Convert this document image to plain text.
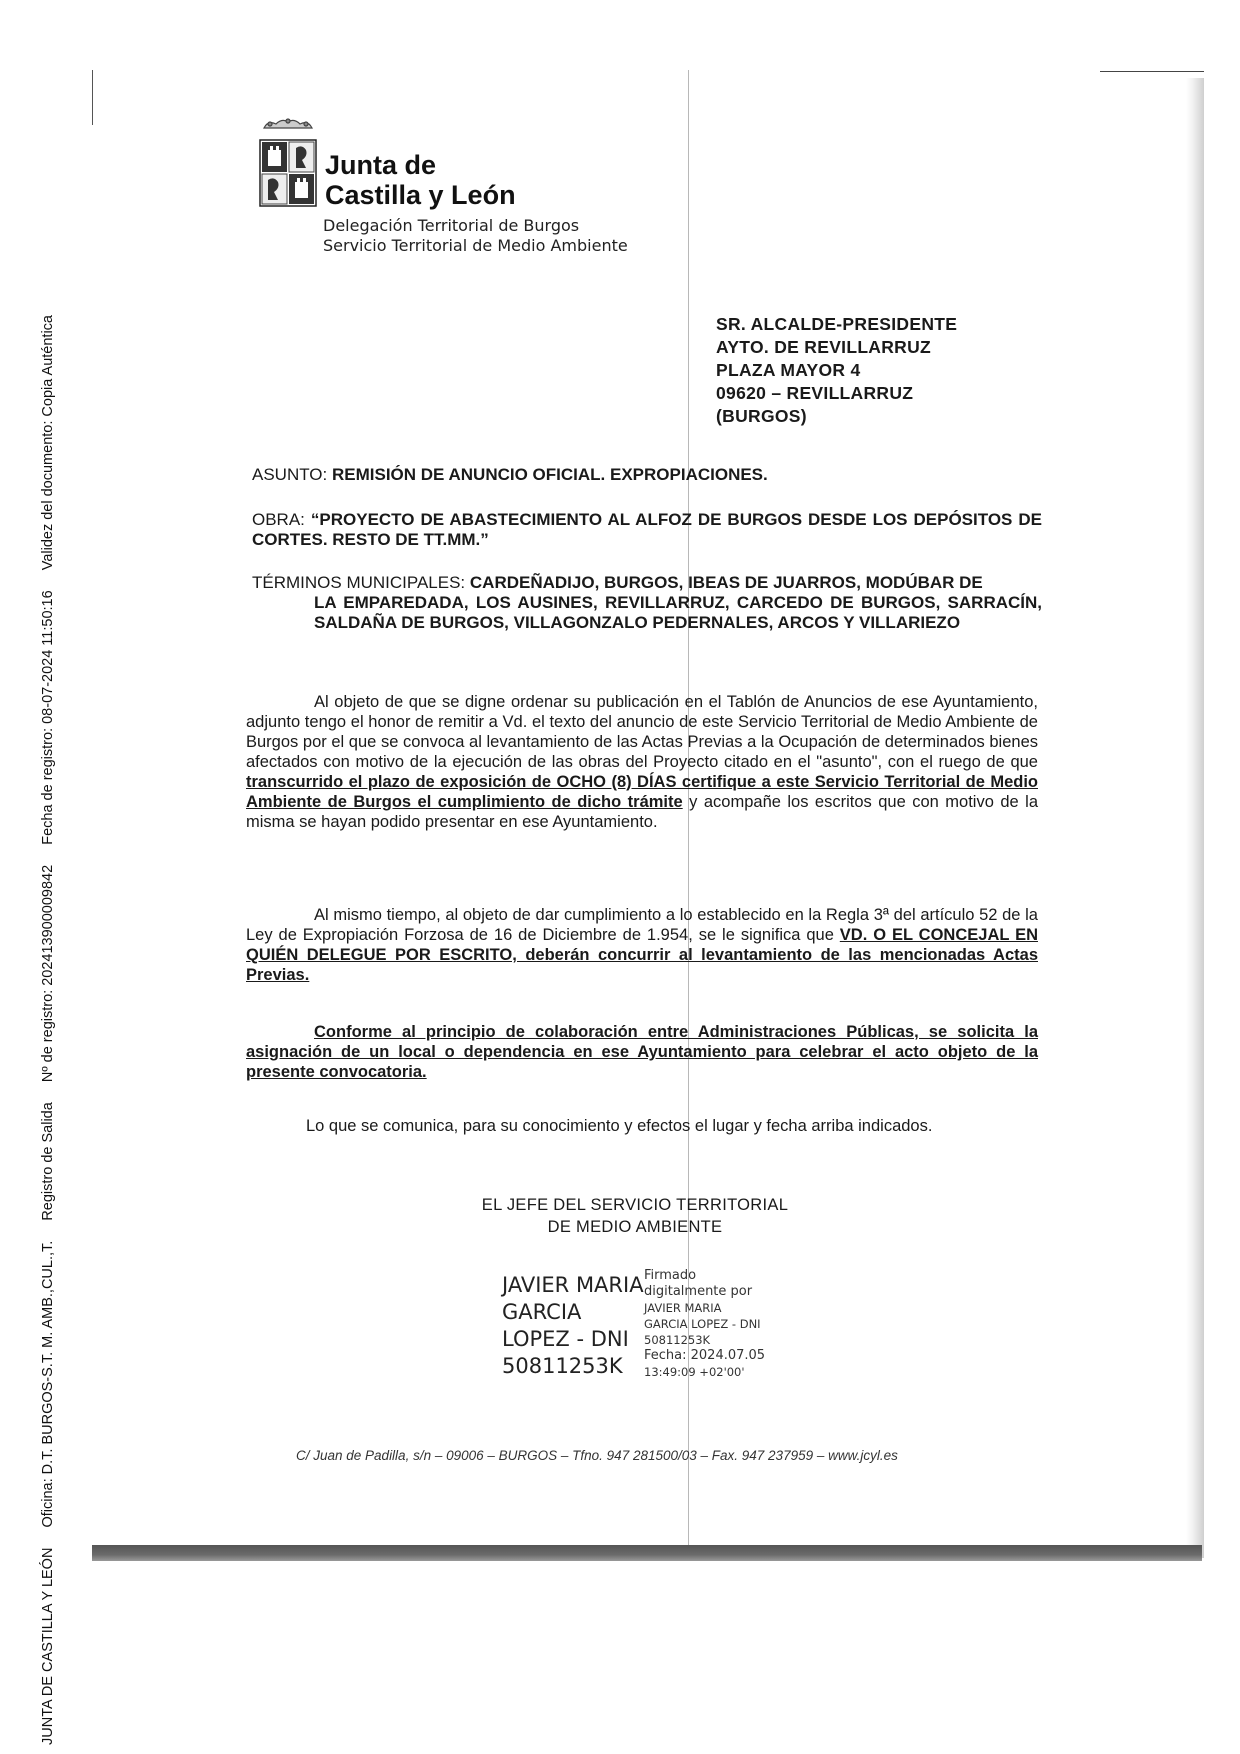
JUNTA DE CASTILLA Y LEÓN Oficina: D.T. BURGOS-S.T. M. AMB.,CUL.,T. Registro de Salida Nº de registro: 202413900009842 Fecha de registro: 08-07-2024 11:50:16 Validez del documento: Copia Auténtica
Junta de
Castilla y León
Delegación Territorial de Burgos
Servicio Territorial de Medio Ambiente
SR. ALCALDE-PRESIDENTE
AYTO. DE REVILLARRUZ
PLAZA MAYOR 4
09620 – REVILLARRUZ
(BURGOS)
ASUNTO: REMISIÓN DE ANUNCIO OFICIAL. EXPROPIACIONES.
OBRA: “PROYECTO DE ABASTECIMIENTO AL ALFOZ DE BURGOS DESDE LOS DEPÓSITOS DE CORTES. RESTO DE TT.MM.”
TÉRMINOS MUNICIPALES: CARDEÑADIJO, BURGOS, IBEAS DE JUARROS, MODÚBAR DE
LA EMPAREDADA, LOS AUSINES, REVILLARRUZ, CARCEDO DE BURGOS, SARRACÍN, SALDAÑA DE BURGOS, VILLAGONZALO PEDERNALES, ARCOS Y VILLARIEZO
Al objeto de que se digne ordenar su publicación en el Tablón de Anuncios de ese Ayuntamiento, adjunto tengo el honor de remitir a Vd. el texto del anuncio de este Servicio Territorial de Medio Ambiente de Burgos por el que se convoca al levantamiento de las Actas Previas a la Ocupación de determinados bienes afectados con motivo de la ejecución de las obras del Proyecto citado en el "asunto", con el ruego de que transcurrido el plazo de exposición de OCHO (8) DÍAS certifique a este Servicio Territorial de Medio Ambiente de Burgos el cumplimiento de dicho trámite y acompañe los escritos que con motivo de la misma se hayan podido presentar en ese Ayuntamiento.
Al mismo tiempo, al objeto de dar cumplimiento a lo establecido en la Regla 3ª del artículo 52 de la Ley de Expropiación Forzosa de 16 de Diciembre de 1.954, se le significa que VD. O EL CONCEJAL EN QUIÉN DELEGUE POR ESCRITO, deberán concurrir al levantamiento de las mencionadas Actas Previas.
Conforme al principio de colaboración entre Administraciones Públicas, se solicita la asignación de un local o dependencia en ese Ayuntamiento para celebrar el acto objeto de la presente convocatoria.
Lo que se comunica, para su conocimiento y efectos el lugar y fecha arriba indicados.
EL JEFE DEL SERVICIO TERRITORIAL
DE MEDIO AMBIENTE
JAVIER MARIA
GARCIA
LOPEZ - DNI
50811253K
Firmado
digitalmente por
JAVIER MARIA
GARCIA LOPEZ - DNI
50811253K
Fecha: 2024.07.05
13:49:09 +02'00'
C/ Juan de Padilla, s/n – 09006 – BURGOS – Tfno. 947 281500/03 – Fax. 947 237959 – www.jcyl.es
